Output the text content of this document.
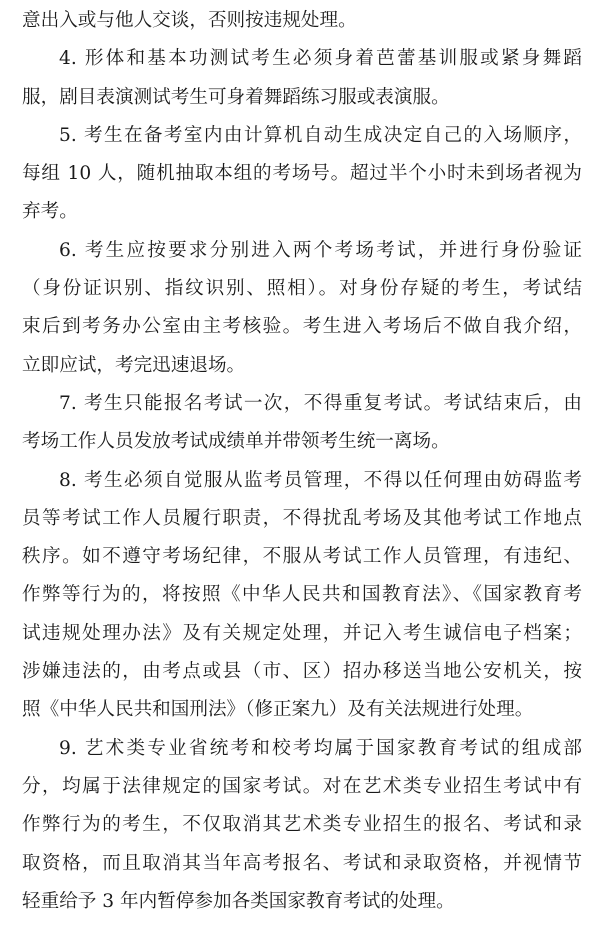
意出入或与他人交谈，否则按违规处理。
4. 形体和基本功测试考生必须身着芭蕾基训服或紧身舞蹈
服，剧目表演测试考生可身着舞蹈练习服或表演服。
5. 考生在备考室内由计算机自动生成决定自己的入场顺序，
每组 10 人，随机抽取本组的考场号。超过半个小时未到场者视为
弃考。
6. 考生应按要求分别进入两个考场考试，并进行身份验证
（身份证识别、指纹识别、照相）。对身份存疑的考生，考试结
束后到考务办公室由主考核验。考生进入考场后不做自我介绍，
立即应试，考完迅速退场。
7. 考生只能报名考试一次，不得重复考试。考试结束后，由
考场工作人员发放考试成绩单并带领考生统一离场。
8. 考生必须自觉服从监考员管理，不得以任何理由妨碍监考
员等考试工作人员履行职责，不得扰乱考场及其他考试工作地点
秩序。如不遵守考场纪律，不服从考试工作人员管理，有违纪、
作弊等行为的，将按照《中华人民共和国教育法》、《国家教育考
试违规处理办法》及有关规定处理，并记入考生诚信电子档案；
涉嫌违法的，由考点或县（市、区）招办移送当地公安机关，按
照《中华人民共和国刑法》（修正案九）及有关法规进行处理。
9. 艺术类专业省统考和校考均属于国家教育考试的组成部
分，均属于法律规定的国家考试。对在艺术类专业招生考试中有
作弊行为的考生，不仅取消其艺术类专业招生的报名、考试和录
取资格，而且取消其当年高考报名、考试和录取资格，并视情节
轻重给予 3 年内暂停参加各类国家教育考试的处理。
